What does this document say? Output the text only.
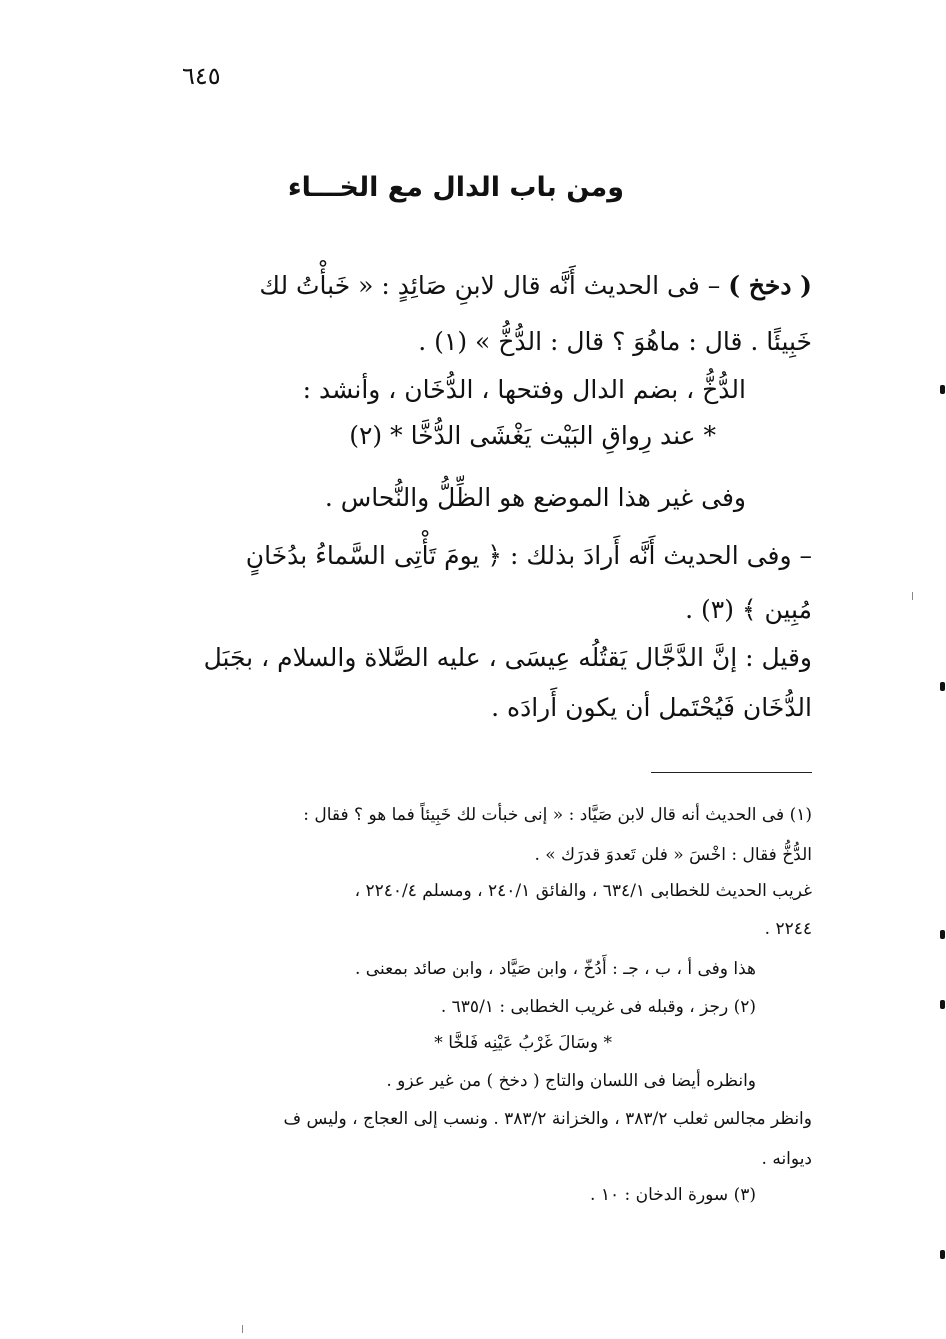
٦٤٥
ومن باب الدال مع الخـــاء
( دخخ ) – فى الحديث أَنَّه قال لابنِ صَائِدٍ : « خَبأْتُ لك
خَبِيئًا . قال : ماهُوَ ؟ قال : الدُّخُّ » (١) .
الدُّخُّ ، بضم الدال وفتحها ، الدُّخَان ، وأنشد :
* عند رِواقِ البَيْت يَغْشَى الدُّخَّا * (٢)
وفى غير هذا الموضع هو الظِّلُّ والنُّحاس .
– وفى الحديث أَنَّه أَرادَ بذلك : ﴿ يومَ تَأْتِى السَّماءُ بدُخَانٍ
مُبِين ﴾ (٣) .
وقيل : إنَّ الدَّجَّال يَقتُلُه عِيسَى ، عليه الصَّلاة والسلام ، بجَبَل
الدُّخَان فَيُحْتَمل أن يكون أَرادَه .
(١) فى الحديث أنه قال لابن صَيَّاد : « إنى خبأت لك خَبِيئاً فما هو ؟ فقال :
الدُّخُّ فقال : اخْسَ « فلن تَعدوَ قدرَك » .
غريب الحديث للخطابى ٦٣٤/١ ، والفائق ٢٤٠/١ ، ومسلم ٢٢٤٠/٤ ،
٢٢٤٤ .
هذا وفى أ ، ب ، جـ : أَدُخّ ، وابن صَيَّاد ، وابن صائد بمعنى .
(٢) رجز ، وقبله فى غريب الخطابى : ٦٣٥/١ .
* وسَالَ غَرْبُ عَيْنِه فَلخَّا *
وانظره أيضا فى اللسان والتاج ( دخخ ) من غير عزو .
وانظر مجالس ثعلب ٣٨٣/٢ ، والخزانة ٣٨٣/٢ . ونسب إلى العجاج ، وليس ف
ديوانه .
(٣) سورة الدخان : ١٠ .
